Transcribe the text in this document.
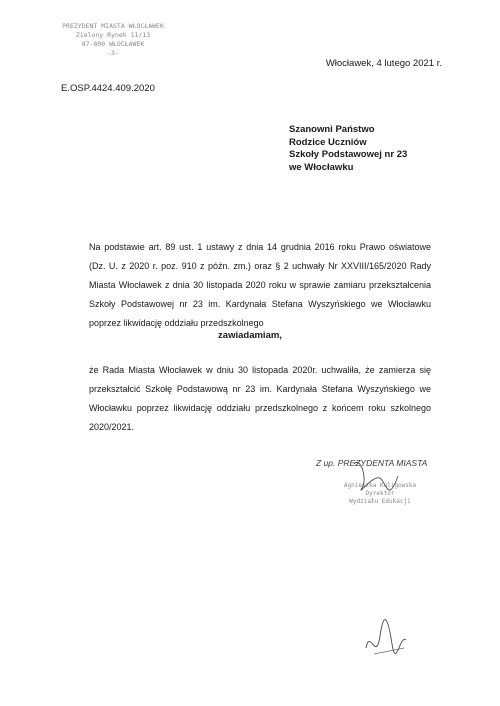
PREZYDENT MIASTA WŁOCŁAWEK
Zielony Rynek 11/13
87-800 WŁOCŁAWEK
-3-
Włocławek, 4 lutego 2021 r.
E.OSP.4424.409.2020
Szanowni Państwo
Rodzice Uczniów
Szkoły Podstawowej nr 23
we Włocławku
Na podstawie art. 89 ust. 1 ustawy z dnia 14 grudnia 2016 roku Prawo oświatowe (Dz. U. z 2020 r. poz. 910 z późn. zm.) oraz § 2 uchwały Nr XXVIII/165/2020 Rady Miasta Włocławek z dnia 30 listopada 2020 roku w sprawie zamiaru przekształcenia Szkoły Podstawowej nr 23 im. Kardynała Stefana Wyszyńskiego we Włocławku poprzez likwidację oddziału przedszkolnego
zawiadamiam,
że Rada Miasta Włocławek w dniu 30 listopada 2020r. uchwaliła, że zamierza się przekształcić Szkołę Podstawową nr 23 im. Kardynała Stefana Wyszyńskiego we Włocławku poprzez likwidację oddziału przedszkolnego z końcem roku szkolnego 2020/2021.
Z up. PREZYDENTA MIASTA
Agnieszka Kuligowska
Dyrektor
Wydziału Edukacji
